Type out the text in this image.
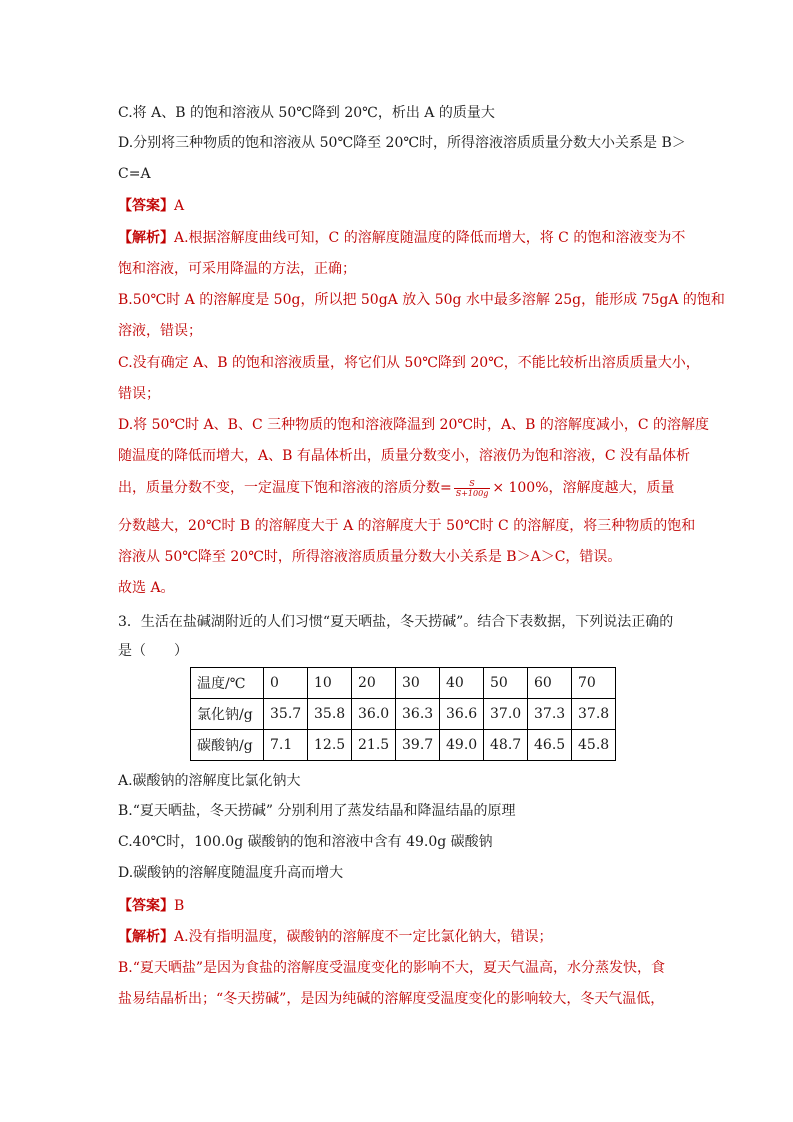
C.将 A、B 的饱和溶液从 50℃降到 20℃，析出 A 的质量大
D.分别将三种物质的饱和溶液从 50℃降至 20℃时，所得溶液溶质质量分数大小关系是 B＞
C=A
【答案】A
【解析】A.根据溶解度曲线可知，C 的溶解度随温度的降低而增大，将 C 的饱和溶液变为不
饱和溶液，可采用降温的方法，正确；
B.50℃时 A 的溶解度是 50g，所以把 50gA 放入 50g 水中最多溶解 25g，能形成 75gA 的饱和
溶液，错误；
C.没有确定 A、B 的饱和溶液质量，将它们从 50℃降到 20℃，不能比较析出溶质质量大小，
错误；
D.将 50℃时 A、B、C 三种物质的饱和溶液降温到 20℃时，A、B 的溶解度减小，C 的溶解度
随温度的降低而增大，A、B 有晶体析出，质量分数变小，溶液仍为饱和溶液，C 没有晶体析
出，质量分数不变，一定温度下饱和溶液的溶质分数= $\frac{S}{S+100g} \times 100\%$，溶解度越大，质量
分数越大，20℃时 B 的溶解度大于 A 的溶解度大于 50℃时 C 的溶解度，将三种物质的饱和
溶液从 50℃降至 20℃时，所得溶液溶质质量分数大小关系是 B＞A＞C，错误。
故选 A。
3．生活在盐碱湖附近的人们习惯“夏天晒盐，冬天捞碱”。结合下表数据，下列说法正确的
是（　　）
温度/℃	0	10	20	30	40	50	60	70
氯化钠/g	35.7	35.8	36.0	36.3	36.6	37.0	37.3	37.8
碳酸钠/g	7.1	12.5	21.5	39.7	49.0	48.7	46.5	45.8
A.碳酸钠的溶解度比氯化钠大
B.“夏天晒盐，冬天捞碱” 分别利用了蒸发结晶和降温结晶的原理
C.40℃时，100.0g 碳酸钠的饱和溶液中含有 49.0g 碳酸钠
D.碳酸钠的溶解度随温度升高而增大
【答案】B
【解析】A.没有指明温度，碳酸钠的溶解度不一定比氯化钠大，错误；
B.“夏天晒盐”是因为食盐的溶解度受温度变化的影响不大，夏天气温高，水分蒸发快，食
盐易结晶析出；“冬天捞碱”，是因为纯碱的溶解度受温度变化的影响较大，冬天气温低，
